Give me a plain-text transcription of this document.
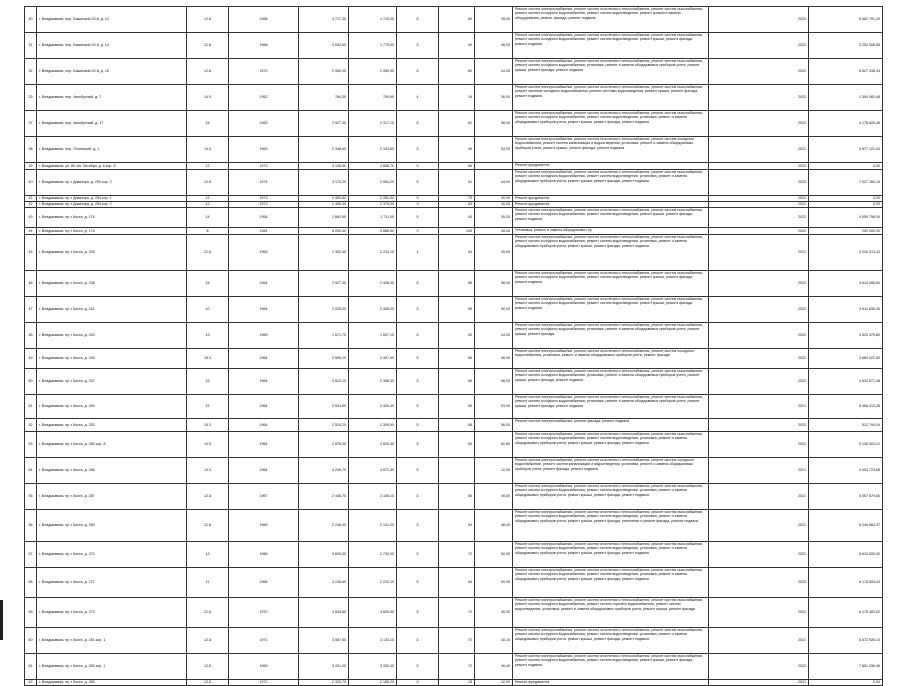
30	г. Владикавказ, пер. Бакинский 29-й, д. 12	12.8	1968	3 717,30	1 715,00	5	60	35,00	Ремонт систем электроснабжения, ремонт систем отопления и теплоснабжения, ремонт систем газоснабжения, ремонт систем холодного водоснабжения, ремонт систем водоотведения, ремонт кровли и замена оборудования, ремонт фасада, ремонт подвала	2023	6 662 791,20
31	г. Владикавказ, пер. Бакинский 29-й, д. 14	12.8	1968	2 652,60	1 775,00	5	40	36,00	Ремонт систем электроснабжения, ремонт систем отопления и теплоснабжения, ремонт систем газоснабжения, ремонт систем холодного водоснабжения, ремонт систем водоотведения, ремонт крыши, ремонт фасада, ремонт подвала	2023	3 252 908,88
32	г. Владикавказ, пер. Бакинский 29-й, д. 16	12.8	1970	2 960,00	2 089,90	5	60	34,40	Ремонт систем электроснабжения, ремонт систем отопления и теплоснабжения, ремонт систем газоснабжения, ремонт систем холодного водоснабжения, установка, ремонт и замена общедомовых приборов учета, ремонт крыши, ремонт фасада, ремонт подвала	2022	6 627 438,44
33	г. Владикавказ, пер. Автобусный, д. 7	14.5	1962	784,30	709,90	4	16	36,00	Ремонт систем электроснабжения, ремонт систем отопления и теплоснабжения, ремонт систем газоснабжения, ремонт системы холодного водоснабжения, ремонт системы водоотведения, ремонт крыши, ремонт фасада, ремонт подвала	2023	1 354 983,48
37	г. Владикавказ, пер. Автобусный, д. 17	15	1963	2 527,30	2 317,10	5	62	56,00	Ремонт систем электроснабжения, ремонт систем отопления и теплоснабжения, ремонт систем газоснабжения, ремонт систем холодного водоснабжения, ремонт систем водоотведения, установка, ремонт и замена общедомовых приборов учета, ремонт крыши, ремонт фасада, ремонт подвала	2022	4 176 826,46
38	г. Владикавказ, пер. Охотничий, д. 1	14.5	1963	2 346,60	2 153,60	5	45	53,00	Ремонт систем электроснабжения, ремонт систем отопления и теплоснабжения, ремонт систем холодного водоснабжения, ремонт систем канализации и водоотведения, установка, ремонт и замена общедомовых приборов учета, ремонт крыши, ремонт фасада, ремонт подвала	2021	5 877 121,04
39	г. Владикавказ, ул. 60 лет Октября, д. 6 кор. А	12	1973	4 148,50	2 658,70	9	96		Ремонт фундамента	2022	0,00
40	г. Владикавказ, пр-т Доватора, д. 250 кор. 2	12.8	1974	3 170,20	2 064,20	5	51	44,00	Ремонт систем электроснабжения, ремонт систем отопления и теплоснабжения, ремонт систем газоснабжения, ремонт систем холодного водоснабжения, ремонт систем водоотведения, установка, ремонт и замена общедомовых приборов учета, ремонт крыши, ремонт фасада, ремонт подвала	2023	7 027 260,16
41	г. Владикавказ, пр-т Доватора, д. 254 кор. 1	12	1973	2 460,80	2 281,00	9	75	40,00	Ремонт фундамента	2022	0,00
42	г. Владикавказ, пр-т Доватора, д. 254 кор. 2	12	1973	2 460,40	2 375,50	9	54	40,00	Ремонт фундамента	2022	0,00
43	г. Владикавказ, пр-т Коста, д. 174	14	1964	2 663,90	1 711,00	5	40	39,20	Ремонт систем электроснабжения, ремонт систем отопления и теплоснабжения, ремонт систем газоснабжения, ремонт систем холодного водоснабжения, ремонт систем водоотведения, ремонт крыши, ремонт фасада, ремонт подвала	2022	4 055 798,00
44	г. Владикавказ, пр-т Коста, д. 178	8	1981	6 059,40	5 666,50	9	105	45,00	Установка, ремонт и замена общедомовых пу	2022	250 000,00
45	г. Владикавказ, пр-т Коста, д. 235	12.8	1969	2 302,40	2 234,10	4	54	49,00	Ремонт систем электроснабжения, ремонт систем отопления и теплоснабжения, ремонт систем газоснабжения, ремонт систем холодного водоснабжения, ремонт систем водоотведения, установка, ремонт и замена общедомовых приборов учета, ремонт крыши, ремонт фасада, ремонт подвала	2021	4 240 313,43
46	г. Владикавказ, пр-т Коста, д. 238	15	1964	2 527,30	2 408,30	5	58	56,00	Ремонт систем электроснабжения, ремонт систем отопления и теплоснабжения, ремонт систем газоснабжения, ремонт систем холодного водоснабжения, ремонт систем водоотведения, ремонт крыши, ремонт фасада, ремонт подвала	2022	3 614 956,60
47	г. Владикавказ, пр-т Коста, д. 241	10	1964	2 525,00	2 408,00	5	55	50,00	Ремонт систем электроснабжения, ремонт систем отопления и теплоснабжения, ремонт систем газоснабжения, ремонт систем холодного водоснабжения, ремонт систем водоотведения, ремонт крыши, ремонт фасада, ремонт подвала	2022	3 611 836,40
48	г. Владикавказ, пр-т Коста, д. 243	13	1969	1 671,70	1 607,10	5	30	34,00	Ремонт систем электроснабжения, ремонт систем отопления и теплоснабжения, ремонт систем газоснабжения, ремонт систем холодного водоснабжения, установка, ремонт и замена общедомовых приборов учета, ремонт крыши, ремонт фасада	2022	3 623 475,80
49	г. Владикавказ, пр-т Коста, д. 245	15.3	1964	2 595,10	2 407,90	5	58	56,00	Ремонт систем электроснабжения, ремонт систем отопления и теплоснабжения, ремонт систем холодного водоснабжения, установка, ремонт и замена общедомовых приборов учета, ремонт фасада	2022	2 669 022,50
50	г. Владикавказ, пр-т Коста, д. 247	15	1964	2 622,10	2 398,30	5	56	56,00	Ремонт систем электроснабжения, ремонт систем отопления и теплоснабжения, ремонт систем газоснабжения, ремонт систем холодного водоснабжения, установка, ремонт и замена общедомовых приборов учета, ремонт крыши, ремонт фасада, ремонт подвала	2022	4 634 571,48
51	г. Владикавказ, пр-т Коста, д. 249	15	1964	2 534,60	2 400,40	5	55	53,00	Ремонт систем электроснабжения, ремонт систем отопления и теплоснабжения, ремонт систем газоснабжения, ремонт систем холодного водоснабжения, установка, ремонт и замена общедомовых приборов учета, ремонт крыши, ремонт фасада, ремонт подвала	2021	5 466 413,26
52	г. Владикавказ, пр-т Коста, д. 253	15.3	1964	2 524,20	2 305,90	5	58	56,00	Ремонт систем электроснабжения, ремонт фасада, ремонт подвала	2023	512 794,04
53	г. Владикавказ, пр-т Коста, д. 282 кор. А	14.5	1964	2 876,00	2 629,40	5	60	52,80	Ремонт систем электроснабжения, ремонт систем отопления и теплоснабжения, ремонт систем газоснабжения, ремонт систем холодного водоснабжения, ремонт систем водоотведения, установка, ремонт и замена общедомовых приборов учета, ремонт крыши, ремонт фасада, ремонт подвала	2022	5 136 403,21
54	г. Владикавказ, пр-т Коста, д. 286	13.3	1964	4 248,70	3 871,40	5		12,00	Ремонт систем электроснабжения, ремонт систем отопления и теплоснабжения, ремонт систем холодного водоснабжения, ремонт систем канализации и водоотведения, установка, ремонт и замена общедомовых приборов учета, ремонт фасада, ремонт подвала	2021	4 404 723,68
55	г. Владикавказ, пр-т Коста, д. 287	12.8	1967	2 446,70	2 108,10	5	56	49,00	Ремонт систем электроснабжения, ремонт систем отопления и теплоснабжения, ремонт систем газоснабжения, ремонт систем холодного водоснабжения, ремонт систем водоотведения, установка, ремонт и замена общедомовых приборов учета, ремонт крыши, ремонт фасада, ремонт подвала	2021	5 567 879,60
56	г. Владикавказ, пр-т Коста, д. 269	12.8	1969	2 246,00	2 141,00	5	54	48,40	Ремонт систем электроснабжения, ремонт систем отопления и теплоснабжения, ремонт систем газоснабжения, ремонт систем холодного водоснабжения, ремонт систем водоотведения, установка, ремонт и замена общедомовых приборов учета, ремонт крыши, ремонт фасада, утепление и ремонт фасада, ремонт подвала	2021	6 246 863,37
57	г. Владикавказ, пр-т Коста, д. 270	13	1966	3 600,00	2 730,00	5	72	50,00	Ремонт систем электроснабжения, ремонт систем отопления и теплоснабжения, ремонт систем газоснабжения, ремонт систем холодного водоснабжения, ремонт систем водоотведения, установка, ремонт и замена общедомовых приборов учета, ремонт крыши, ремонт фасада, ремонт подвала	2023	6 615 000,00
58	г. Владикавказ, пр-т Коста, д. 272	11	1966	3 236,60	2 222,10	5	54	50,00	Ремонт систем электроснабжения, ремонт систем отопления и теплоснабжения, ремонт систем газоснабжения, ремонт систем холодного водоснабжения, ремонт систем водоотведения, установка, ремонт и замена общедомовых приборов учета, ремонт крыши, ремонт фасада, ремонт подвала	2023	6 178 553,04
59	г. Владикавказ, пр-т Коста, д. 273	12.8	1970	3 845,60	3 605,90	5	72	45,30	Ремонт систем электроснабжения, ремонт систем отопления и теплоснабжения, ремонт систем газоснабжения, ремонт систем холодного водоснабжения, ремонт систем горячего водоснабжения, ремонт систем водоотведения, установка, ремонт и замена общедомовых приборов учета, ремонт крыши, ремонт фасада	2022	6 175 463,02
60	г. Владикавказ, пр-т Коста, д. 281 кор. 1	12.8	1971	3 567,50	3 133,10	5	72	40,10	Ремонт систем электроснабжения, ремонт систем отопления и теплоснабжения, ремонт систем газоснабжения, ремонт систем холодного водоснабжения, ремонт систем водоотведения, установка, ремонт и замена общедомовых приборов учета, ремонт крыши, ремонт фасада, ремонт подвала	2021	6 673 926,14
61	г. Владикавказ, пр-т Коста, д. 282 кор. 1	12.8	1969	3 431,00	3 332,40	5	72	46,40	Ремонт систем электроснабжения, ремонт систем отопления и теплоснабжения, ремонт систем газоснабжения, ремонт систем холодного водоснабжения, ремонт систем водоотведения, ремонт крыши, ремонт фасада, ремонт подвала	2022	7 851 296,46
62	г. Владикавказ, пр-т Коста, д. 285	12.8	1972	2 320,70	2 185,20	9	18	42,00	Ремонт фундамента	2021	0,00
